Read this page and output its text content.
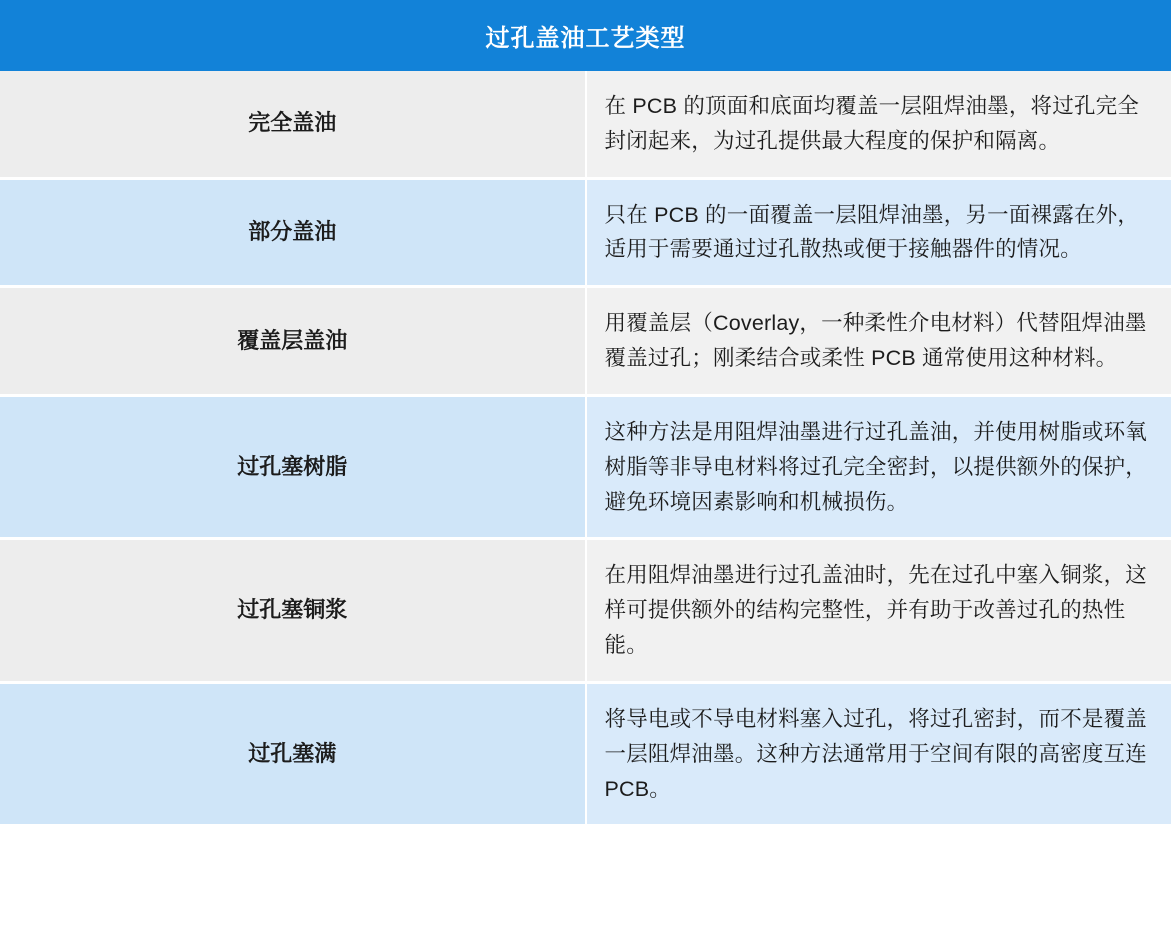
过孔盖油工艺类型	
完全盖油	在 PCB 的顶面和底面均覆盖一层阻焊油墨，将过孔完全封闭起来，为过孔提供最大程度的保护和隔离。
部分盖油	只在 PCB 的一面覆盖一层阻焊油墨，另一面裸露在外，适用于需要通过过孔散热或便于接触器件的情况。
覆盖层盖油	用覆盖层（Coverlay，一种柔性介电材料）代替阻焊油墨覆盖过孔；刚柔结合或柔性 PCB 通常使用这种材料。
过孔塞树脂	这种方法是用阻焊油墨进行过孔盖油，并使用树脂或环氧树脂等非导电材料将过孔完全密封，以提供额外的保护，避免环境因素影响和机械损伤。
过孔塞铜浆	在用阻焊油墨进行过孔盖油时，先在过孔中塞入铜浆，这样可提供额外的结构完整性，并有助于改善过孔的热性能。
过孔塞满	将导电或不导电材料塞入过孔，将过孔密封，而不是覆盖一层阻焊油墨。这种方法通常用于空间有限的高密度互连 PCB。
